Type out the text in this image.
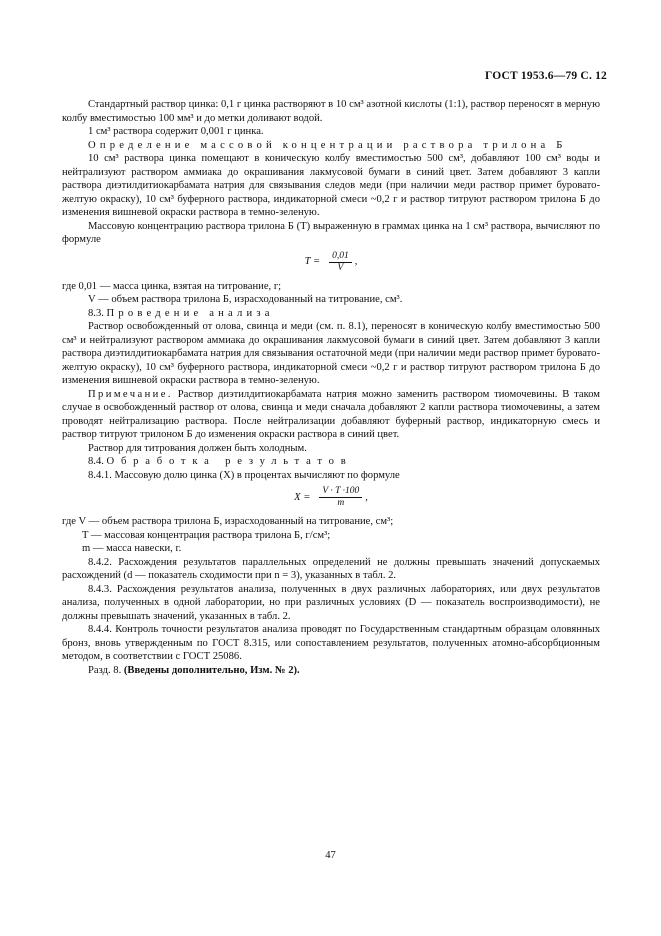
ГОСТ 1953.6—79 С. 12

Стандартный раствор цинка: 0,1 г цинка растворяют в 10 см³ азотной кислоты (1:1), раствор переносят в мерную колбу вместимостью 100 мм³ и до метки доливают водой.

1 см³ раствора содержит 0,001 г цинка.

Определение массовой концентрации раствора трилона Б

10 см³ раствора цинка помещают в коническую колбу вместимостью 500 см³, добавляют 100 см³ воды и нейтрализуют раствором аммиака до окрашивания лакмусовой бумаги в синий цвет. Затем добавляют 3 капли раствора диэтилдитиокарбамата натрия для связывания следов меди (при наличии меди раствор примет буровато-желтую окраску), 10 см³ буферного раствора, индикаторной смеси ~0,2 г и раствор титруют раствором трилона Б до изменения вишневой окраски раствора в темно-зеленую.

Массовую концентрацию раствора трилона Б (Т) выраженную в граммах цинка на 1 см³ раствора, вычисляют по формуле

$T = \frac{0,01}{V}$ ,

где 0,01 — масса цинка, взятая на титрование, г;

V — объем раствора трилона Б, израсходованный на титрование, см³.

8.3. Проведение анализа

Раствор освобожденный от олова, свинца и меди (см. п. 8.1), переносят в коническую колбу вместимостью 500 см³ и нейтрализуют раствором аммиака до окрашивания лакмусовой бумаги в синий цвет. Затем добавляют 3 капли раствора диэтилдитиокарбамата натрия для связывания остаточной меди (при наличии меди раствор примет буровато-желтую окраску), 10 см³ буферного раствора, индикаторной смеси ~0,2 г и раствор титруют раствором трилона Б до изменения вишневой окраски раствора в темно-зеленую.

Примечание. Раствор диэтилдитиокарбамата натрия можно заменить раствором тиомочевины. В таком случае в освобожденный раствор от олова, свинца и меди сначала добавляют 2 капли раствора тиомочевины, а затем проводят нейтрализацию раствора. После нейтрализации добавляют буферный раствор, индикаторную смесь и раствор титруют трилоном Б до изменения окраски раствора в синий цвет.

Раствор для титрования должен быть холодным.

8.4. Обработка результатов

8.4.1. Массовую долю цинка (X) в процентах вычисляют по формуле

$X = \frac{V \cdot T \cdot 100}{m}$ ,

где V — объем раствора трилона Б, израсходованный на титрование, см³;

T — массовая концентрация раствора трилона Б, г/см³;

m — масса навески, г.

8.4.2. Расхождения результатов параллельных определений не должны превышать значений допускаемых расхождений (d — показатель сходимости при n = 3), указанных в табл. 2.

8.4.3. Расхождения результатов анализа, полученных в двух различных лабораториях, или двух результатов анализа, полученных в одной лаборатории, но при различных условиях (D — показатель воспроизводимости), не должны превышать значений, указанных в табл. 2.

8.4.4. Контроль точности результатов анализа проводят по Государственным стандартным образцам оловянных бронз, вновь утвержденным по ГОСТ 8.315, или сопоставлением результатов, полученных атомно-абсорбционным методом, в соответствии с ГОСТ 25086.

Разд. 8. (Введены дополнительно, Изм. № 2).

47
